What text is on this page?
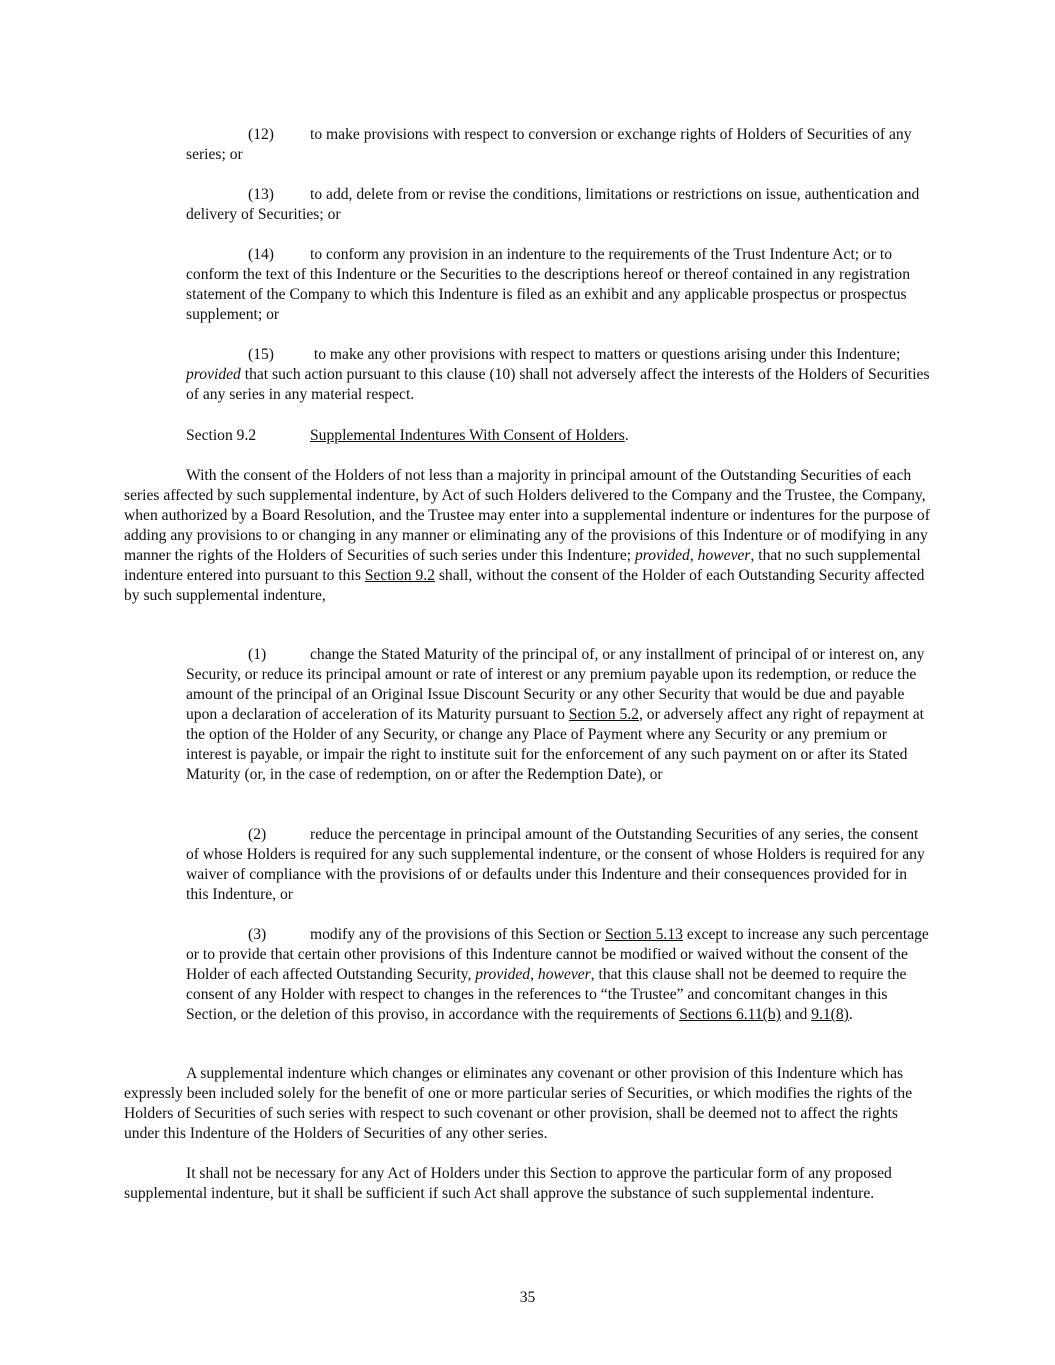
(12) to make provisions with respect to conversion or exchange rights of Holders of Securities of any series; or

(13) to add, delete from or revise the conditions, limitations or restrictions on issue, authentication and delivery of Securities; or

(14) to conform any provision in an indenture to the requirements of the Trust Indenture Act; or to conform the text of this Indenture or the Securities to the descriptions hereof or thereof contained in any registration statement of the Company to which this Indenture is filed as an exhibit and any applicable prospectus or prospectus supplement; or

(15) to make any other provisions with respect to matters or questions arising under this Indenture; provided that such action pursuant to this clause (10) shall not adversely affect the interests of the Holders of Securities of any series in any material respect.

Section 9.2	Supplemental Indentures With Consent of Holders.

With the consent of the Holders of not less than a majority in principal amount of the Outstanding Securities of each series affected by such supplemental indenture, by Act of such Holders delivered to the Company and the Trustee, the Company, when authorized by a Board Resolution, and the Trustee may enter into a supplemental indenture or indentures for the purpose of adding any provisions to or changing in any manner or eliminating any of the provisions of this Indenture or of modifying in any manner the rights of the Holders of Securities of such series under this Indenture; provided, however, that no such supplemental indenture entered into pursuant to this Section 9.2 shall, without the consent of the Holder of each Outstanding Security affected by such supplemental indenture,

(1)	change the Stated Maturity of the principal of, or any installment of principal of or interest on, any Security, or reduce its principal amount or rate of interest or any premium payable upon its redemption, or reduce the amount of the principal of an Original Issue Discount Security or any other Security that would be due and payable upon a declaration of acceleration of its Maturity pursuant to Section 5.2, or adversely affect any right of repayment at the option of the Holder of any Security, or change any Place of Payment where any Security or any premium or interest is payable, or impair the right to institute suit for the enforcement of any such payment on or after its Stated Maturity (or, in the case of redemption, on or after the Redemption Date), or

(2)	reduce the percentage in principal amount of the Outstanding Securities of any series, the consent of whose Holders is required for any such supplemental indenture, or the consent of whose Holders is required for any waiver of compliance with the provisions of or defaults under this Indenture and their consequences provided for in this Indenture, or

(3)	modify any of the provisions of this Section or Section 5.13 except to increase any such percentage or to provide that certain other provisions of this Indenture cannot be modified or waived without the consent of the Holder of each affected Outstanding Security, provided, however, that this clause shall not be deemed to require the consent of any Holder with respect to changes in the references to “the Trustee” and concomitant changes in this Section, or the deletion of this proviso, in accordance with the requirements of Sections 6.11(b) and 9.1(8).

A supplemental indenture which changes or eliminates any covenant or other provision of this Indenture which has expressly been included solely for the benefit of one or more particular series of Securities, or which modifies the rights of the Holders of Securities of such series with respect to such covenant or other provision, shall be deemed not to affect the rights under this Indenture of the Holders of Securities of any other series.

It shall not be necessary for any Act of Holders under this Section to approve the particular form of any proposed supplemental indenture, but it shall be sufficient if such Act shall approve the substance of such supplemental indenture.

35
